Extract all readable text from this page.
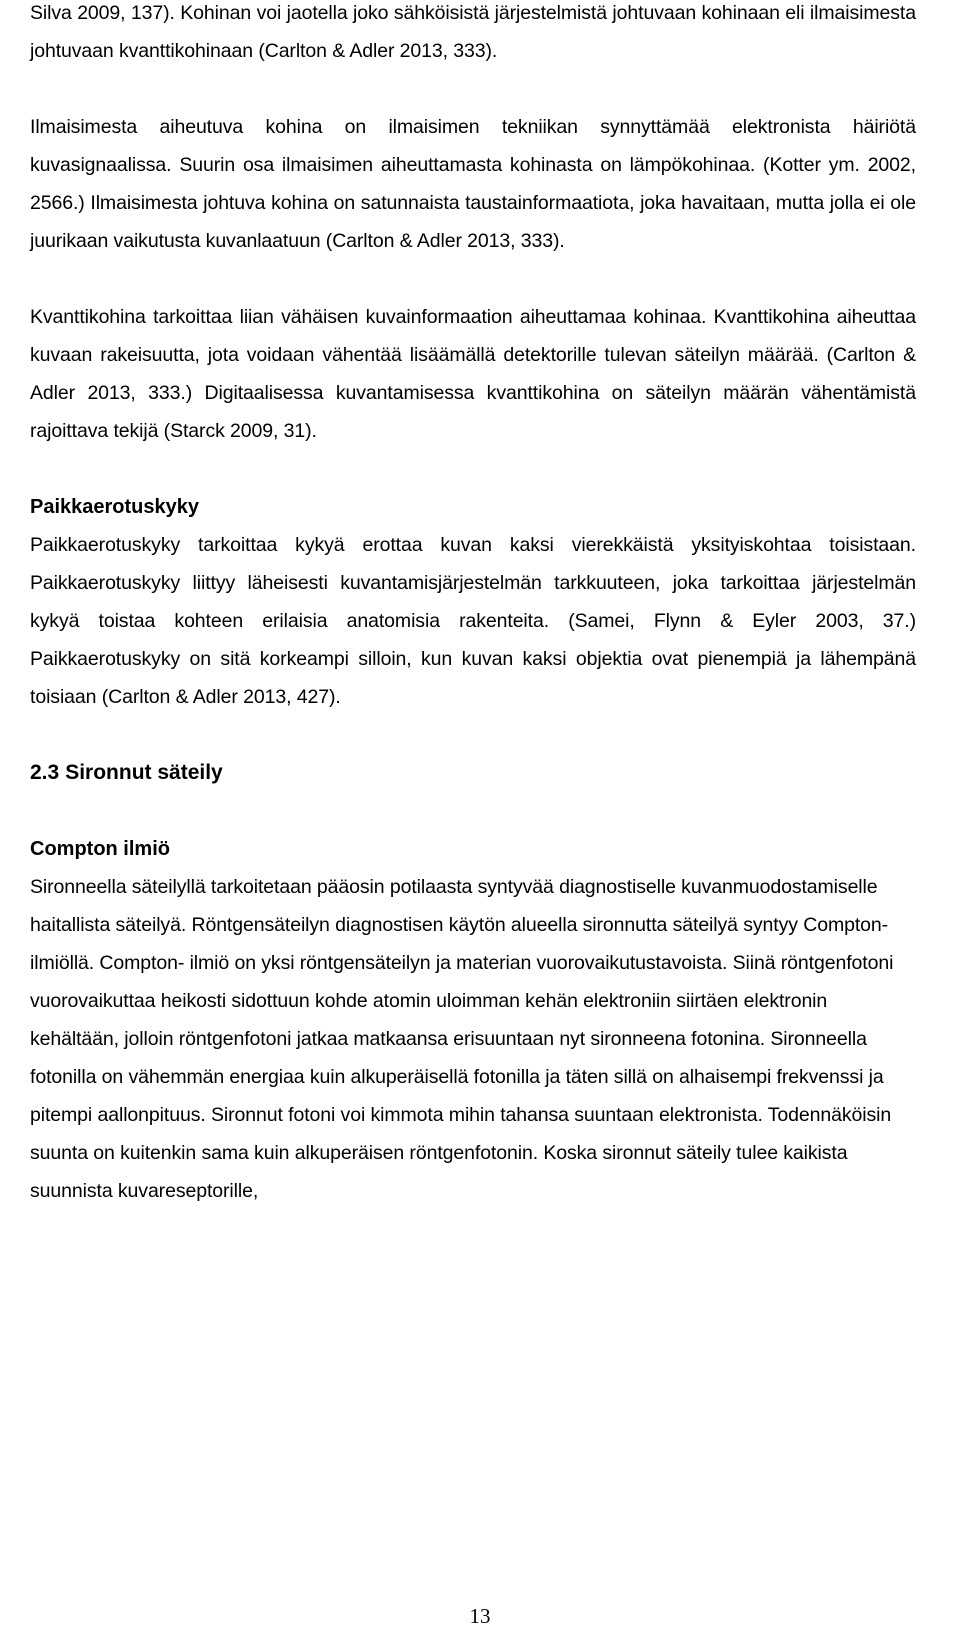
Silva 2009, 137). Kohinan voi jaotella joko sähköisistä järjestelmistä johtuvaan kohinaan eli ilmaisimesta johtuvaan kvanttikohinaan (Carlton & Adler 2013, 333).

Ilmaisimesta aiheutuva kohina on ilmaisimen tekniikan synnyttämää elektronista häiriötä kuvasignaalissa. Suurin osa ilmaisimen aiheuttamasta kohinasta on lämpökohinaa. (Kotter ym. 2002, 2566.) Ilmaisimesta johtuva kohina on satunnaista taustainformaatiota, joka havaitaan, mutta jolla ei ole juurikaan vaikutusta kuvanlaatuun (Carlton & Adler 2013, 333).

Kvanttikohina tarkoittaa liian vähäisen kuvainformaation aiheuttamaa kohinaa. Kvanttikohina aiheuttaa kuvaan rakeisuutta, jota voidaan vähentää lisäämällä detektorille tulevan säteilyn määrää. (Carlton & Adler 2013, 333.) Digitaalisessa kuvantamisessa kvanttikohina on säteilyn määrän vähentämistä rajoittava tekijä (Starck 2009, 31).

Paikkaerotuskyky

Paikkaerotuskyky tarkoittaa kykyä erottaa kuvan kaksi vierekkäistä yksityiskohtaa toisistaan. Paikkaerotuskyky liittyy läheisesti kuvantamisjärjestelmän tarkkuuteen, joka tarkoittaa järjestelmän kykyä toistaa kohteen erilaisia anatomisia rakenteita. (Samei, Flynn & Eyler 2003, 37.) Paikkaerotuskyky on sitä korkeampi silloin, kun kuvan kaksi objektia ovat pienempiä ja lähempänä toisiaan (Carlton & Adler 2013, 427).

2.3 Sironnut säteily
Compton ilmiö

Sironneella säteilyllä tarkoitetaan pääosin potilaasta syntyvää diagnostiselle kuvanmuodostamiselle haitallista säteilyä. Röntgensäteilyn diagnostisen käytön alueella sironnutta säteilyä syntyy Compton-ilmiöllä. Compton- ilmiö on yksi röntgensäteilyn ja materian vuorovaikutustavoista. Siinä röntgenfotoni vuorovaikuttaa heikosti sidottuun kohde atomin uloimman kehän elektroniin siirtäen elektronin kehältään, jolloin röntgenfotoni jatkaa matkaansa erisuuntaan nyt sironneena fotonina. Sironneella fotonilla on vähemmän energiaa kuin alkuperäisellä fotonilla ja täten sillä on alhaisempi frekvenssi ja pitempi aallonpituus. Sironnut fotoni voi kimmota mihin tahansa suuntaan elektronista. Todennäköisin suunta on kuitenkin sama kuin alkuperäisen röntgenfotonin. Koska sironnut säteily tulee kaikista suunnista kuvareseptorille,

13
